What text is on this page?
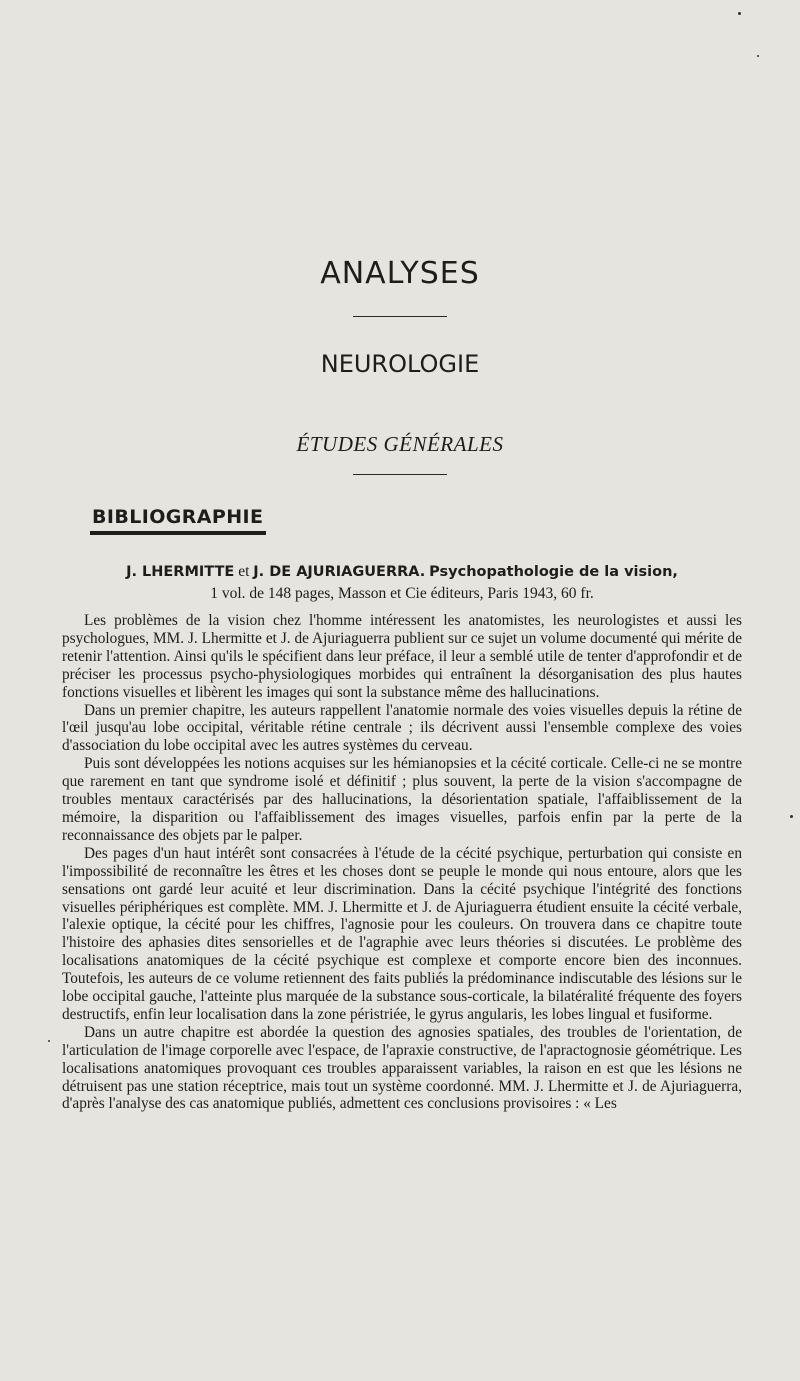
ANALYSES
NEUROLOGIE
ÉTUDES GÉNÉRALES
BIBLIOGRAPHIE
J. LHERMITTE et J. DE AJURIAGUERRA. Psychopathologie de la vision,
1 vol. de 148 pages, Masson et Cie éditeurs, Paris 1943, 60 fr.

Les problèmes de la vision chez l'homme intéressent les anatomistes, les neurologistes et aussi les psychologues, MM. J. Lhermitte et J. de Ajuriaguerra publient sur ce sujet un volume documenté qui mérite de retenir l'attention. Ainsi qu'ils le spécifient dans leur préface, il leur a semblé utile de tenter d'approfondir et de préciser les processus psycho-physiologiques morbides qui entraînent la désorganisation des plus hautes fonctions visuelles et libèrent les images qui sont la substance même des hallucinations.

Dans un premier chapitre, les auteurs rappellent l'anatomie normale des voies visuelles depuis la rétine de l'œil jusqu'au lobe occipital, véritable rétine centrale ; ils décrivent aussi l'ensemble complexe des voies d'association du lobe occipital avec les autres systèmes du cerveau.

Puis sont développées les notions acquises sur les hémianopsies et la cécité corticale. Celle-ci ne se montre que rarement en tant que syndrome isolé et définitif ; plus souvent, la perte de la vision s'accompagne de troubles mentaux caractérisés par des hallucinations, la désorientation spatiale, l'affaiblissement de la mémoire, la disparition ou l'affaiblissement des images visuelles, parfois enfin par la perte de la reconnaissance des objets par le palper.

Des pages d'un haut intérêt sont consacrées à l'étude de la cécité psychique, perturbation qui consiste en l'impossibilité de reconnaître les êtres et les choses dont se peuple le monde qui nous entoure, alors que les sensations ont gardé leur acuité et leur discrimination. Dans la cécité psychique l'intégrité des fonctions visuelles périphériques est complète. MM. J. Lhermitte et J. de Ajuriaguerra étudient ensuite la cécité verbale, l'alexie optique, la cécité pour les chiffres, l'agnosie pour les couleurs. On trouvera dans ce chapitre toute l'histoire des aphasies dites sensorielles et de l'agraphie avec leurs théories si discutées. Le problème des localisations anatomiques de la cécité psychique est complexe et comporte encore bien des inconnues. Toutefois, les auteurs de ce volume retiennent des faits publiés la prédominance indiscutable des lésions sur le lobe occipital gauche, l'atteinte plus marquée de la substance sous-corticale, la bilatéralité fréquente des foyers destructifs, enfin leur localisation dans la zone péristriée, le gyrus angularis, les lobes lingual et fusiforme.

Dans un autre chapitre est abordée la question des agnosies spatiales, des troubles de l'orientation, de l'articulation de l'image corporelle avec l'espace, de l'apraxie constructive, de l'apractognosie géométrique. Les localisations anatomiques provoquant ces troubles apparaissent variables, la raison en est que les lésions ne détruisent pas une station réceptrice, mais tout un système coordonné. MM. J. Lhermitte et J. de Ajuriaguerra, d'après l'analyse des cas anatomique publiés, admettent ces conclusions provisoires : « Les
